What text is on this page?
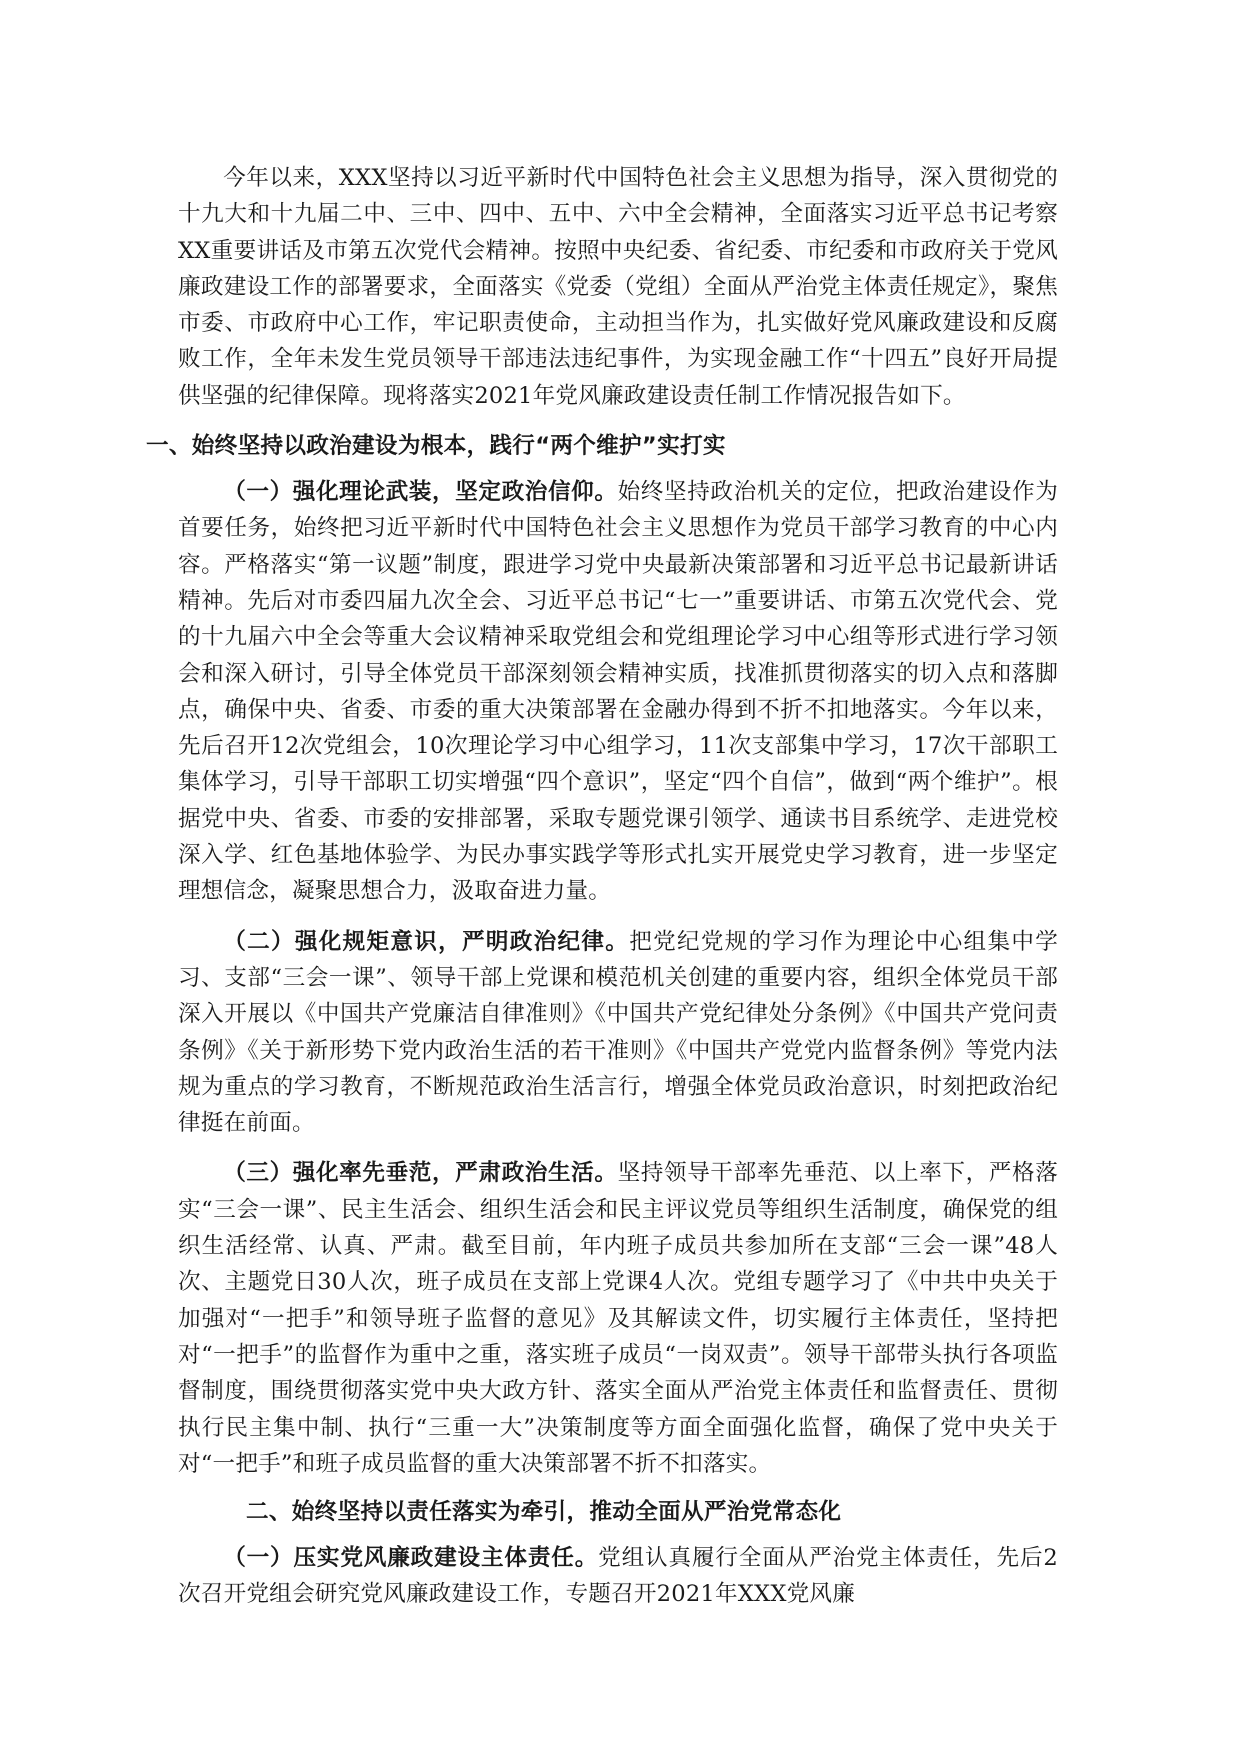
今年以来，XXX坚持以习近平新时代中国特色社会主义思想为指导，深入贯彻党的十九大和十九届二中、三中、四中、五中、六中全会精神，全面落实习近平总书记考察XX重要讲话及市第五次党代会精神。按照中央纪委、省纪委、市纪委和市政府关于党风廉政建设工作的部署要求，全面落实《党委（党组）全面从严治党主体责任规定》，聚焦市委、市政府中心工作，牢记职责使命，主动担当作为，扎实做好党风廉政建设和反腐败工作，全年未发生党员领导干部违法违纪事件，为实现金融工作“十四五”良好开局提供坚强的纪律保障。现将落实2021年党风廉政建设责任制工作情况报告如下。

一、始终坚持以政治建设为根本，践行“两个维护”实打实

（一）强化理论武装，坚定政治信仰。始终坚持政治机关的定位，把政治建设作为首要任务，始终把习近平新时代中国特色社会主义思想作为党员干部学习教育的中心内容。严格落实“第一议题”制度，跟进学习党中央最新决策部署和习近平总书记最新讲话精神。先后对市委四届九次全会、习近平总书记“七一”重要讲话、市第五次党代会、党的十九届六中全会等重大会议精神采取党组会和党组理论学习中心组等形式进行学习领会和深入研讨，引导全体党员干部深刻领会精神实质，找准抓贯彻落实的切入点和落脚点，确保中央、省委、市委的重大决策部署在金融办得到不折不扣地落实。今年以来，先后召开12次党组会，10次理论学习中心组学习，11次支部集中学习，17次干部职工集体学习，引导干部职工切实增强“四个意识”，坚定“四个自信”，做到“两个维护”。根据党中央、省委、市委的安排部署，采取专题党课引领学、通读书目系统学、走进党校深入学、红色基地体验学、为民办事实践学等形式扎实开展党史学习教育，进一步坚定理想信念，凝聚思想合力，汲取奋进力量。

（二）强化规矩意识，严明政治纪律。把党纪党规的学习作为理论中心组集中学习、支部“三会一课”、领导干部上党课和模范机关创建的重要内容，组织全体党员干部深入开展以《中国共产党廉洁自律准则》《中国共产党纪律处分条例》《中国共产党问责条例》《关于新形势下党内政治生活的若干准则》《中国共产党党内监督条例》等党内法规为重点的学习教育，不断规范政治生活言行，增强全体党员政治意识，时刻把政治纪律挺在前面。

（三）强化率先垂范，严肃政治生活。坚持领导干部率先垂范、以上率下，严格落实“三会一课”、民主生活会、组织生活会和民主评议党员等组织生活制度，确保党的组织生活经常、认真、严肃。截至目前，年内班子成员共参加所在支部“三会一课”48人次、主题党日30人次，班子成员在支部上党课4人次。党组专题学习了《中共中央关于加强对“一把手”和领导班子监督的意见》及其解读文件，切实履行主体责任，坚持把对“一把手”的监督作为重中之重，落实班子成员“一岗双责”。领导干部带头执行各项监督制度，围绕贯彻落实党中央大政方针、落实全面从严治党主体责任和监督责任、贯彻执行民主集中制、执行“三重一大”决策制度等方面全面强化监督，确保了党中央关于对“一把手”和班子成员监督的重大决策部署不折不扣落实。

二、始终坚持以责任落实为牵引，推动全面从严治党常态化

（一）压实党风廉政建设主体责任。党组认真履行全面从严治党主体责任，先后2次召开党组会研究党风廉政建设工作，专题召开2021年XXX党风廉
